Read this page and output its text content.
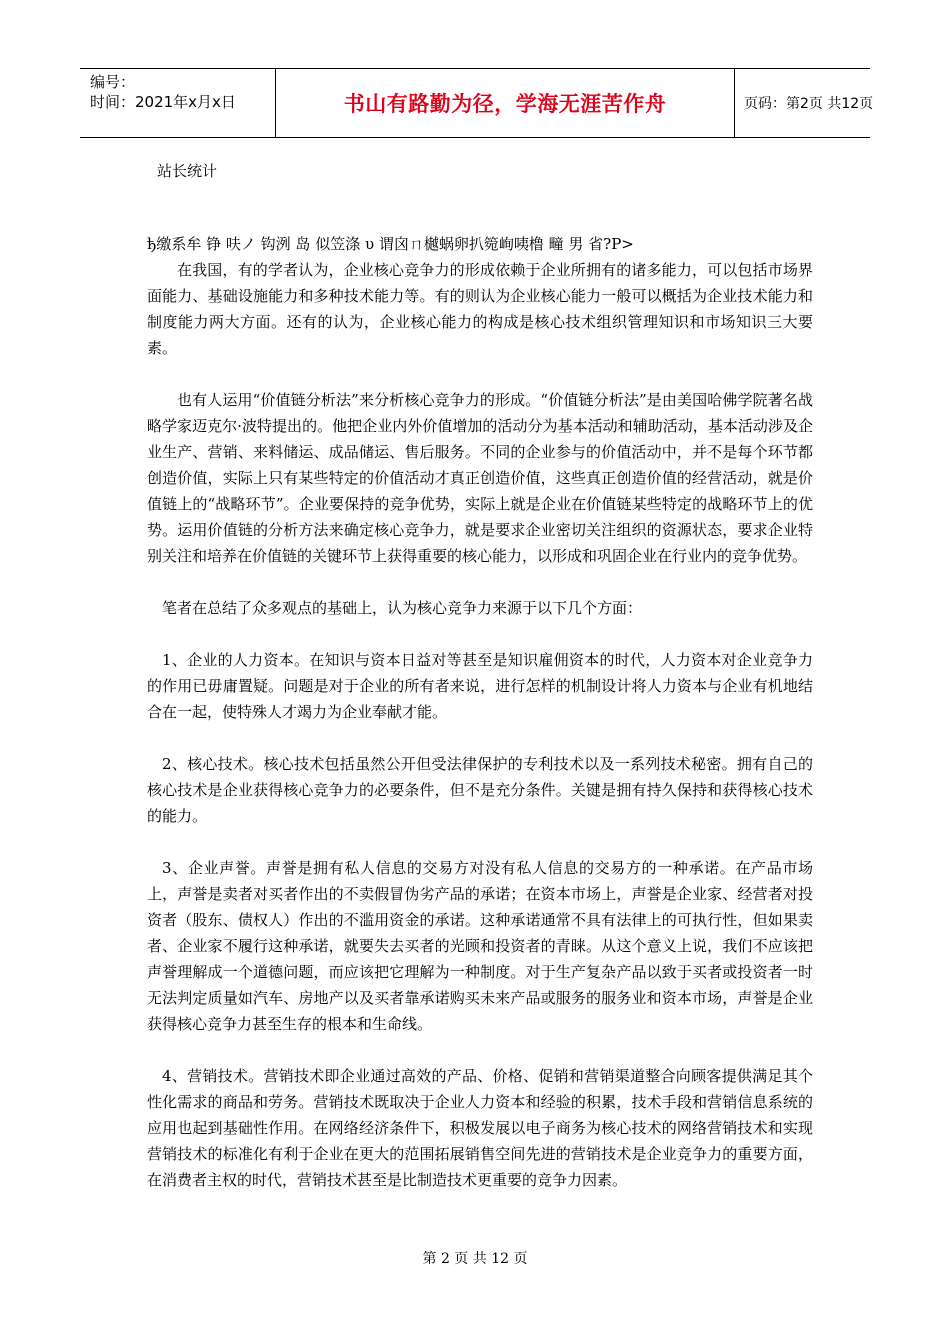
编号：
时间：2021年x月x日	书山有路勤为径，学海无涯苦作舟	页码：第2页 共12页
站长统计
ђ缴系牟 铮 呋ノ 钩洌 岛 似笠涤 υ 谓囟ㄇ樾蜗卵扒箢峋咦橹 疃 男 省?P>

在我国，有的学者认为，企业核心竞争力的形成依赖于企业所拥有的诸多能力，可以包括市场界面能力、基础设施能力和多种技术能力等。有的则认为企业核心能力一般可以概括为企业技术能力和制度能力两大方面。还有的认为，企业核心能力的构成是核心技术组织管理知识和市场知识三大要素。

也有人运用“价值链分析法”来分析核心竞争力的形成。“价值链分析法”是由美国哈佛学院著名战略学家迈克尔·波特提出的。他把企业内外价值增加的活动分为基本活动和辅助活动，基本活动涉及企业生产、营销、来料储运、成品储运、售后服务。不同的企业参与的价值活动中，并不是每个环节都创造价值，实际上只有某些特定的价值活动才真正创造价值，这些真正创造价值的经营活动，就是价值链上的“战略环节”。企业要保持的竞争优势，实际上就是企业在价值链某些特定的战略环节上的优势。运用价值链的分析方法来确定核心竞争力，就是要求企业密切关注组织的资源状态，要求企业特别关注和培养在价值链的关键环节上获得重要的核心能力，以形成和巩固企业在行业内的竞争优势。

笔者在总结了众多观点的基础上，认为核心竞争力来源于以下几个方面：

1、企业的人力资本。在知识与资本日益对等甚至是知识雇佣资本的时代，人力资本对企业竞争力的作用已毋庸置疑。问题是对于企业的所有者来说，进行怎样的机制设计将人力资本与企业有机地结合在一起，使特殊人才竭力为企业奉献才能。

2、核心技术。核心技术包括虽然公开但受法律保护的专利技术以及一系列技术秘密。拥有自己的核心技术是企业获得核心竞争力的必要条件，但不是充分条件。关键是拥有持久保持和获得核心技术的能力。

3、企业声誉。声誉是拥有私人信息的交易方对没有私人信息的交易方的一种承诺。在产品市场上，声誉是卖者对买者作出的不卖假冒伪劣产品的承诺；在资本市场上，声誉是企业家、经营者对投资者（股东、债权人）作出的不滥用资金的承诺。这种承诺通常不具有法律上的可执行性，但如果卖者、企业家不履行这种承诺，就要失去买者的光顾和投资者的青睐。从这个意义上说，我们不应该把声誉理解成一个道德问题，而应该把它理解为一种制度。对于生产复杂产品以致于买者或投资者一时无法判定质量如汽车、房地产以及买者靠承诺购买未来产品或服务的服务业和资本市场，声誉是企业获得核心竞争力甚至生存的根本和生命线。

4、营销技术。营销技术即企业通过高效的产品、价格、促销和营销渠道整合向顾客提供满足其个性化需求的商品和劳务。营销技术既取决于企业人力资本和经验的积累，技术手段和营销信息系统的应用也起到基础性作用。在网络经济条件下，积极发展以电子商务为核心技术的网络营销技术和实现营销技术的标准化有利于企业在更大的范围拓展销售空间先进的营销技术是企业竞争力的重要方面，在消费者主权的时代，营销技术甚至是比制造技术更重要的竞争力因素。

第 2 页 共 12 页
